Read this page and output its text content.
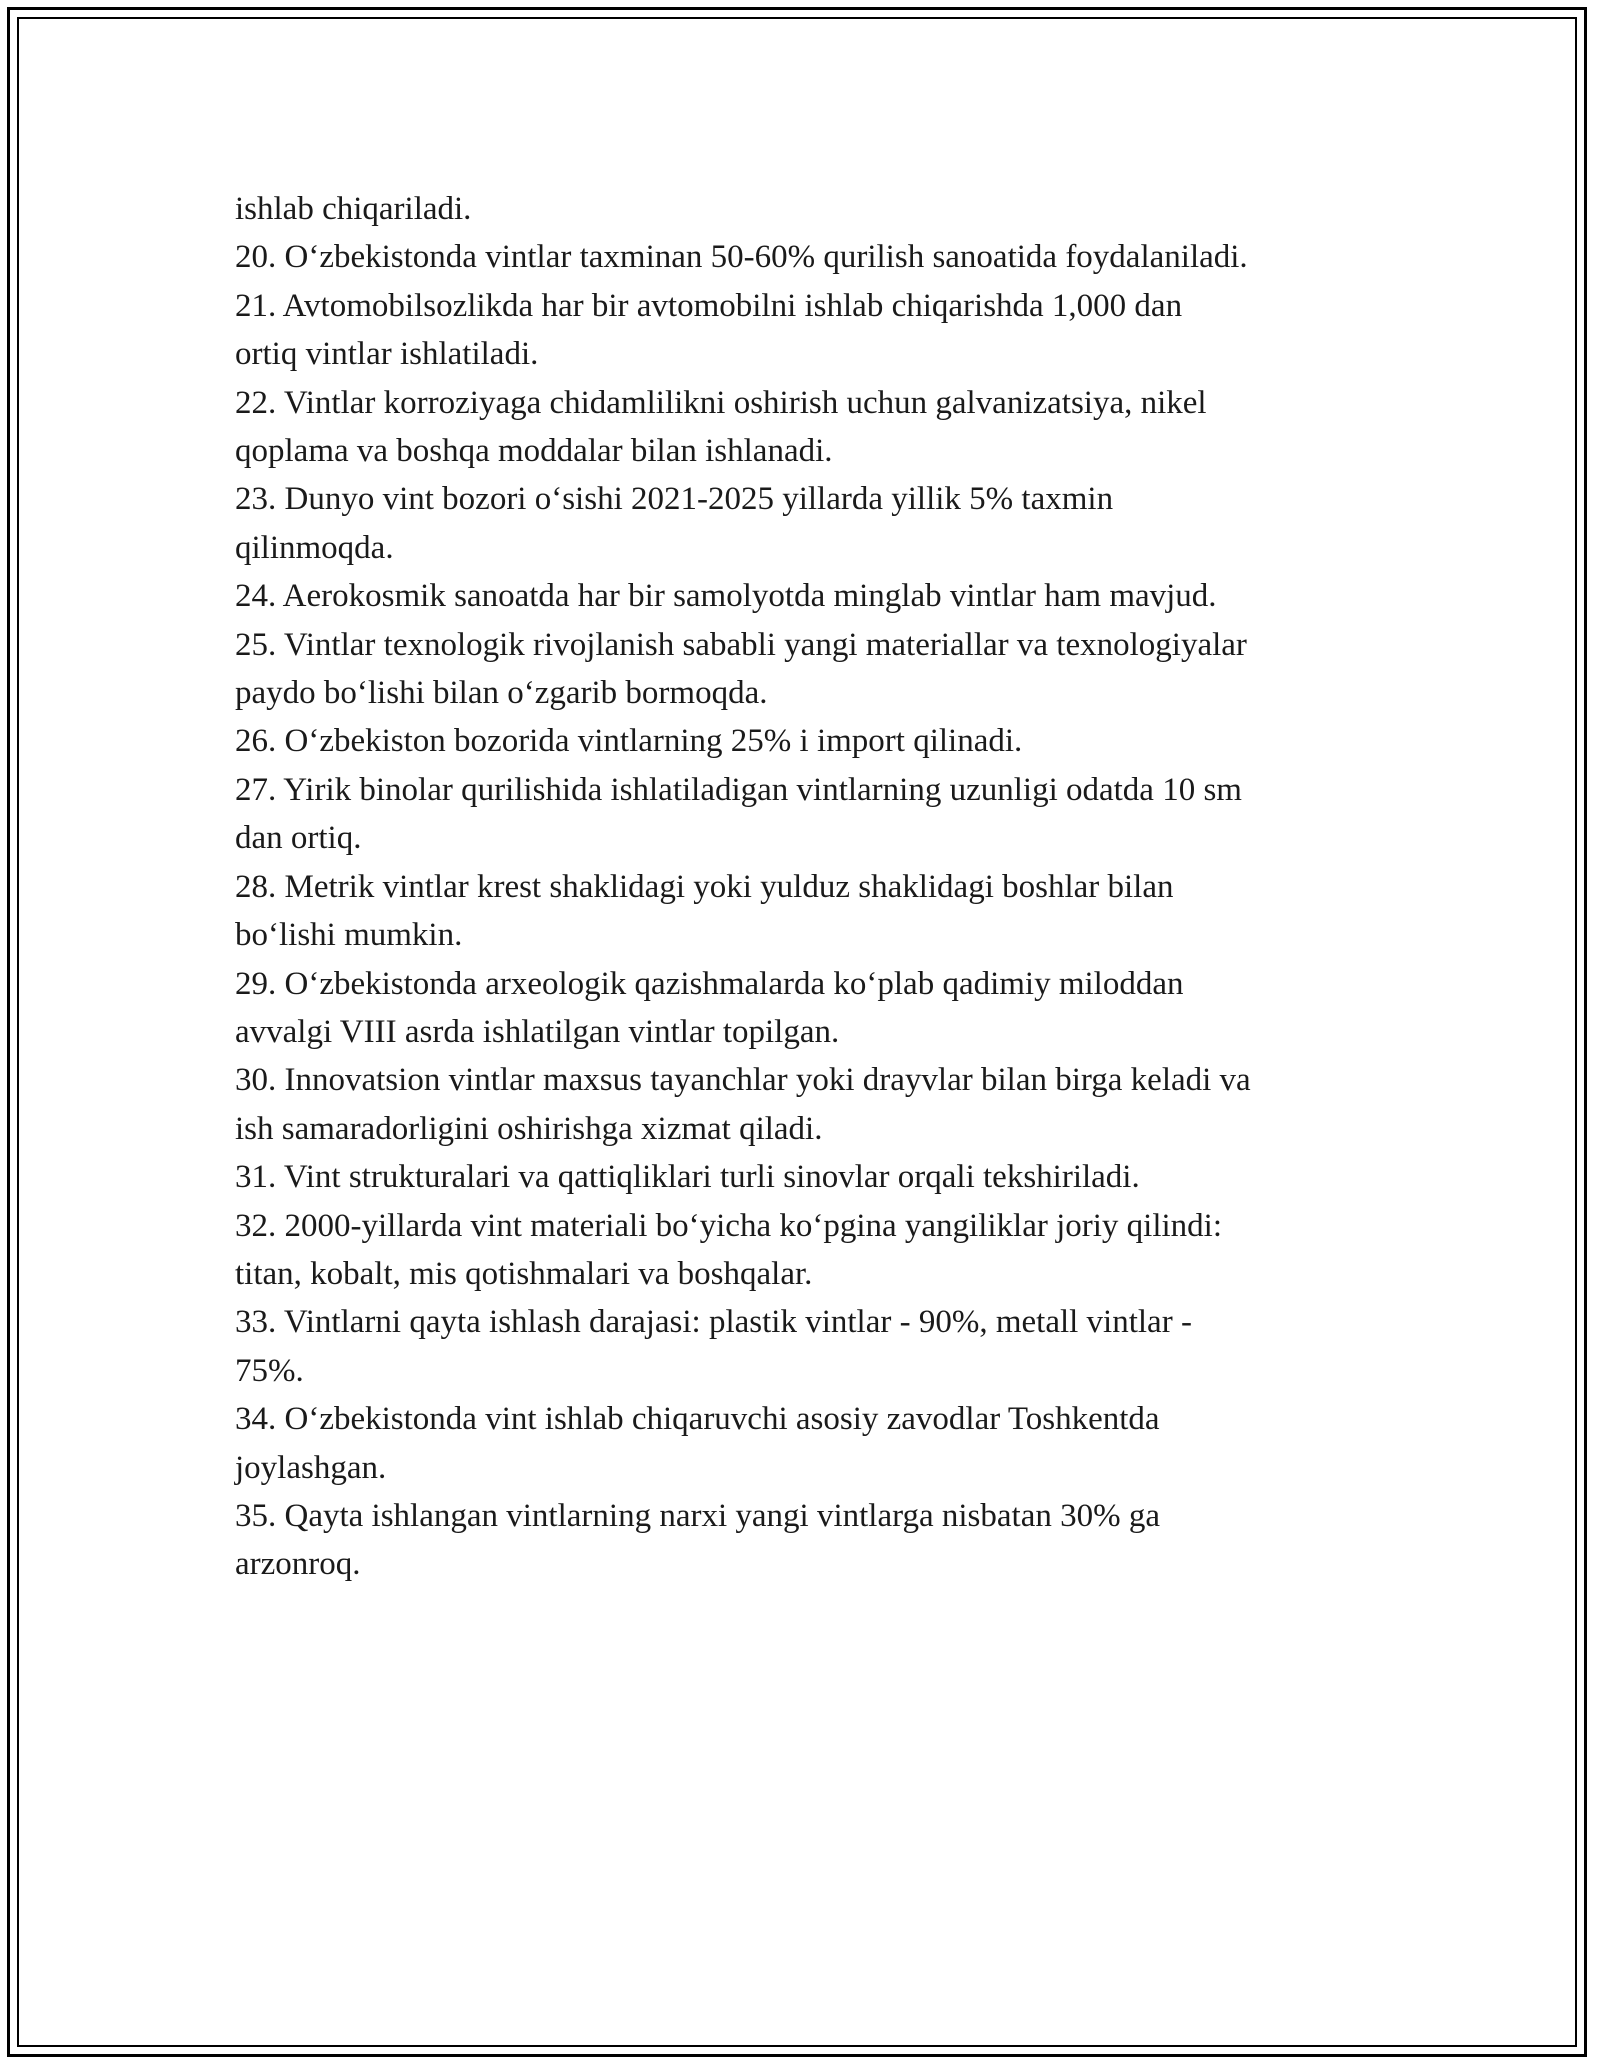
ishlab chiqariladi.

20. Oʻzbekistonda vintlar taxminan 50-60% qurilish sanoatida foydalaniladi.

21. Avtomobilsozlikda har bir avtomobilni ishlab chiqarishda 1,000 dan

ortiq vintlar ishlatiladi.

22. Vintlar korroziyaga chidamlilikni oshirish uchun galvanizatsiya, nikel

qoplama va boshqa moddalar bilan ishlanadi.

23. Dunyo vint bozori oʻsishi 2021-2025 yillarda yillik 5% taxmin

qilinmoqda.

24. Aerokosmik sanoatda har bir samolyotda minglab vintlar ham mavjud.

25. Vintlar texnologik rivojlanish sababli yangi materiallar va texnologiyalar

paydo boʻlishi bilan oʻzgarib bormoqda.

26. Oʻzbekiston bozorida vintlarning 25% i import qilinadi.

27. Yirik binolar qurilishida ishlatiladigan vintlarning uzunligi odatda 10 sm

dan ortiq.

28. Metrik vintlar krest shaklidagi yoki yulduz shaklidagi boshlar bilan

boʻlishi mumkin.

29. Oʻzbekistonda arxeologik qazishmalarda koʻplab qadimiy miloddan

avvalgi VIII asrda ishlatilgan vintlar topilgan.

30. Innovatsion vintlar maxsus tayanchlar yoki drayvlar bilan birga keladi va

ish samaradorligini oshirishga xizmat qiladi.

31. Vint strukturalari va qattiqliklari turli sinovlar orqali tekshiriladi.

32. 2000-yillarda vint materiali boʻyicha koʻpgina yangiliklar joriy qilindi:

titan, kobalt, mis qotishmalari va boshqalar.

33. Vintlarni qayta ishlash darajasi: plastik vintlar - 90%, metall vintlar -

75%.

34. Oʻzbekistonda vint ishlab chiqaruvchi asosiy zavodlar Toshkentda

joylashgan.

35. Qayta ishlangan vintlarning narxi yangi vintlarga nisbatan 30% ga

arzonroq.
